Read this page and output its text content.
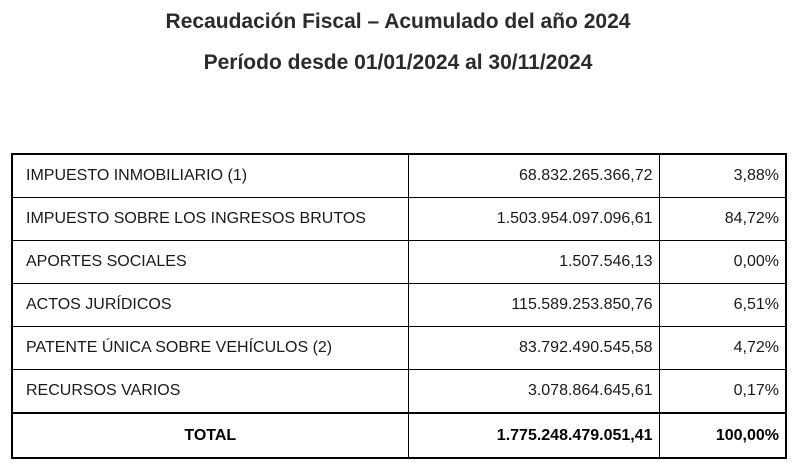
Recaudación Fiscal – Acumulado del año 2024
Período desde 01/01/2024 al 30/11/2024
IMPUESTO INMOBILIARIO (1)	68.832.265.366,72	3,88%
IMPUESTO SOBRE LOS INGRESOS BRUTOS	1.503.954.097.096,61	84,72%
APORTES SOCIALES	1.507.546,13	0,00%
ACTOS JURÍDICOS	115.589.253.850,76	6,51%
PATENTE ÚNICA SOBRE VEHÍCULOS (2)	83.792.490.545,58	4,72%
RECURSOS VARIOS	3.078.864.645,61	0,17%
TOTAL	1.775.248.479.051,41	100,00%
